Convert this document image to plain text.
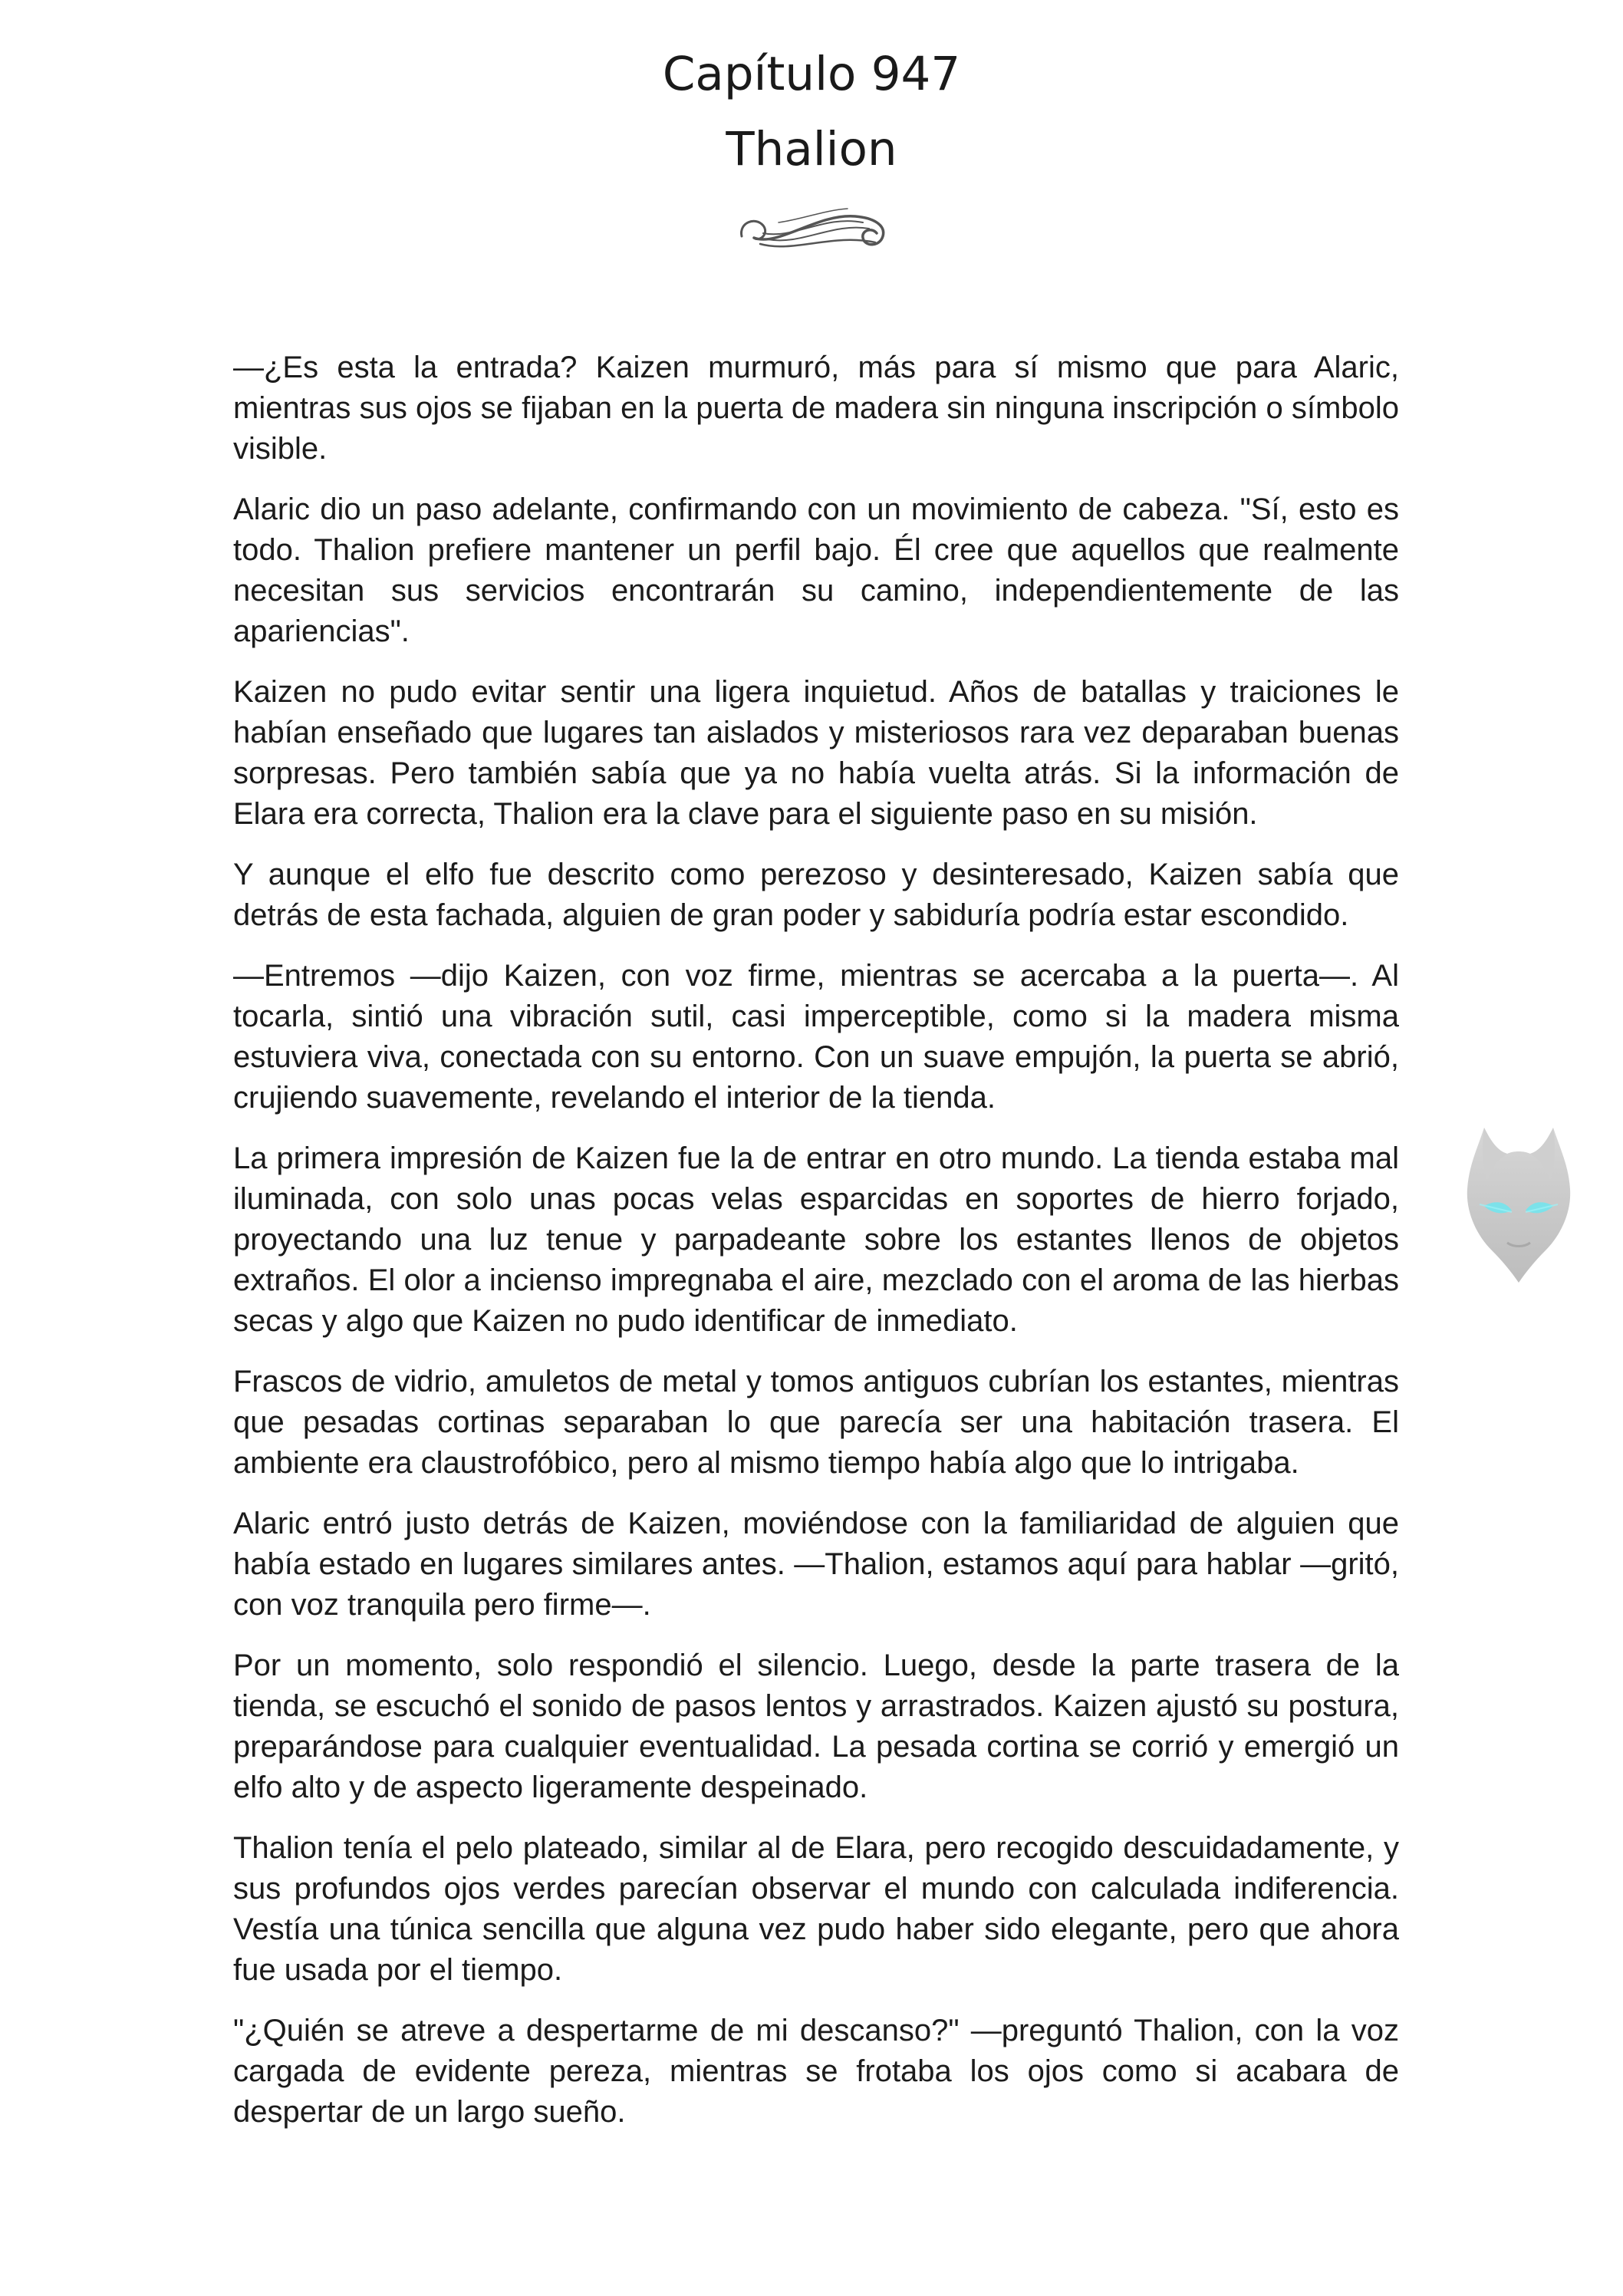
Capítulo 947
Thalion

—¿Es esta la entrada? Kaizen murmuró, más para sí mismo que para Alaric, mientras sus ojos se fijaban en la puerta de madera sin ninguna inscripción o símbolo visible.

Alaric dio un paso adelante, confirmando con un movimiento de cabeza. "Sí, esto es todo. Thalion prefiere mantener un perfil bajo. Él cree que aquellos que realmente necesitan sus servicios encontrarán su camino, independientemente de las apariencias".

Kaizen no pudo evitar sentir una ligera inquietud. Años de batallas y traiciones le habían enseñado que lugares tan aislados y misteriosos rara vez deparaban buenas sorpresas. Pero también sabía que ya no había vuelta atrás. Si la información de Elara era correcta, Thalion era la clave para el siguiente paso en su misión.

Y aunque el elfo fue descrito como perezoso y desinteresado, Kaizen sabía que detrás de esta fachada, alguien de gran poder y sabiduría podría estar escondido.

—Entremos —dijo Kaizen, con voz firme, mientras se acercaba a la puerta—. Al tocarla, sintió una vibración sutil, casi imperceptible, como si la madera misma estuviera viva, conectada con su entorno. Con un suave empujón, la puerta se abrió, crujiendo suavemente, revelando el interior de la tienda.

La primera impresión de Kaizen fue la de entrar en otro mundo. La tienda estaba mal iluminada, con solo unas pocas velas esparcidas en soportes de hierro forjado, proyectando una luz tenue y parpadeante sobre los estantes llenos de objetos extraños. El olor a incienso impregnaba el aire, mezclado con el aroma de las hierbas secas y algo que Kaizen no pudo identificar de inmediato.

Frascos de vidrio, amuletos de metal y tomos antiguos cubrían los estantes, mientras que pesadas cortinas separaban lo que parecía ser una habitación trasera. El ambiente era claustrofóbico, pero al mismo tiempo había algo que lo intrigaba.

Alaric entró justo detrás de Kaizen, moviéndose con la familiaridad de alguien que había estado en lugares similares antes. —Thalion, estamos aquí para hablar —gritó, con voz tranquila pero firme—.

Por un momento, solo respondió el silencio. Luego, desde la parte trasera de la tienda, se escuchó el sonido de pasos lentos y arrastrados. Kaizen ajustó su postura, preparándose para cualquier eventualidad. La pesada cortina se corrió y emergió un elfo alto y de aspecto ligeramente despeinado.

Thalion tenía el pelo plateado, similar al de Elara, pero recogido descuidadamente, y sus profundos ojos verdes parecían observar el mundo con calculada indiferencia. Vestía una túnica sencilla que alguna vez pudo haber sido elegante, pero que ahora fue usada por el tiempo.

"¿Quién se atreve a despertarme de mi descanso?" —preguntó Thalion, con la voz cargada de evidente pereza, mientras se frotaba los ojos como si acabara de despertar de un largo sueño.
